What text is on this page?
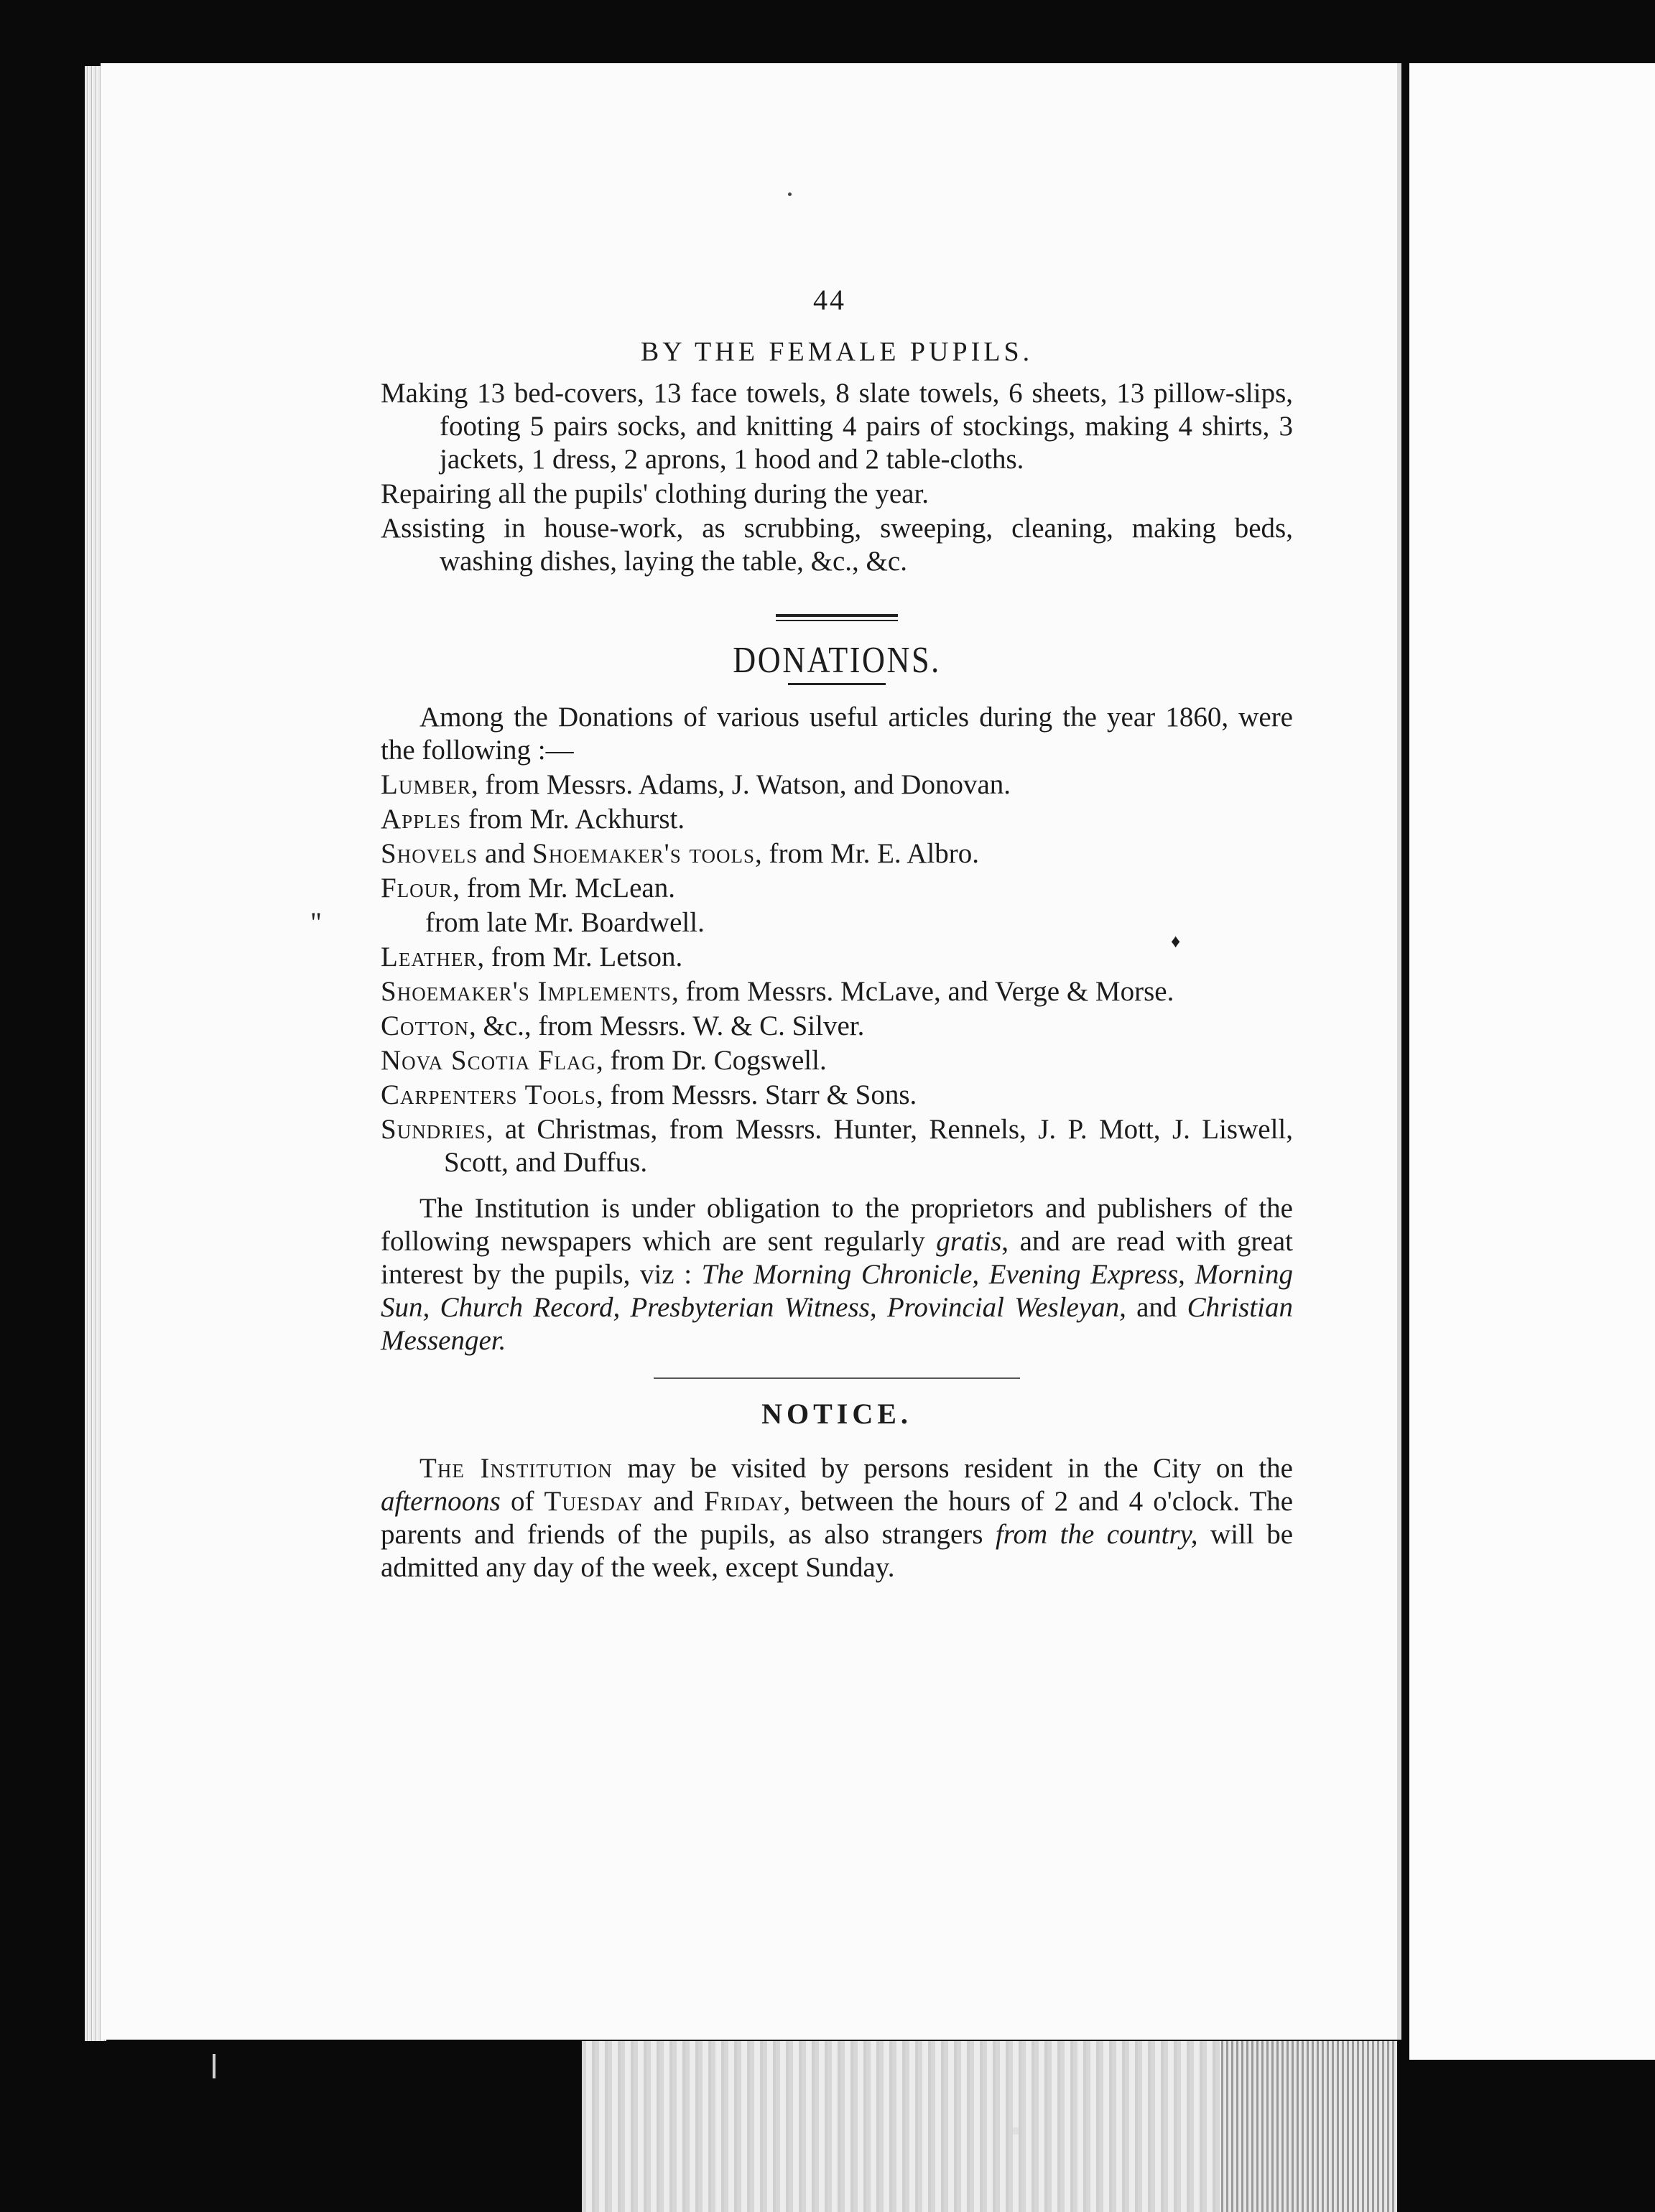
♦
44
BY THE FEMALE PUPILS.

Making 13 bed-covers, 13 face towels, 8 slate towels, 6 sheets, 13 pillow-slips, footing 5 pairs socks, and knitting 4 pairs of stockings, making 4 shirts, 3 jackets, 1 dress, 2 aprons, 1 hood and 2 table-cloths.

Repairing all the pupils' clothing during the year.

Assisting in house-work, as scrubbing, sweeping, cleaning, making beds, washing dishes, laying the table, &c., &c.

DONATIONS.

Among the Donations of various useful articles during the year 1860, were the following :—

Lumber, from Messrs. Adams, J. Watson, and Donovan.

Apples from Mr. Ackhurst.

Shovels and Shoemaker's tools, from Mr. E. Albro.

Flour, from Mr. McLean.

"	from late Mr. Boardwell.

Leather, from Mr. Letson.

Shoemaker's Implements, from Messrs. McLave, and Verge & Morse.

Cotton, &c., from Messrs. W. & C. Silver.

Nova Scotia Flag, from Dr. Cogswell.

Carpenters Tools, from Messrs. Starr & Sons.

Sundries, at Christmas, from Messrs. Hunter, Rennels, J. P. Mott, J. Liswell, Scott, and Duffus.

The Institution is under obligation to the proprietors and publishers of the following newspapers which are sent regularly gratis, and are read with great interest by the pupils, viz : The Morning Chronicle, Evening Express, Morning Sun, Church Record, Presbyterian Witness, Provincial Wesleyan, and Christian Messenger.

NOTICE.

The Institution may be visited by persons resident in the City on the afternoons of Tuesday and Friday, between the hours of 2 and 4 o'clock. The parents and friends of the pupils, as also strangers from the country, will be admitted any day of the week, except Sunday.
